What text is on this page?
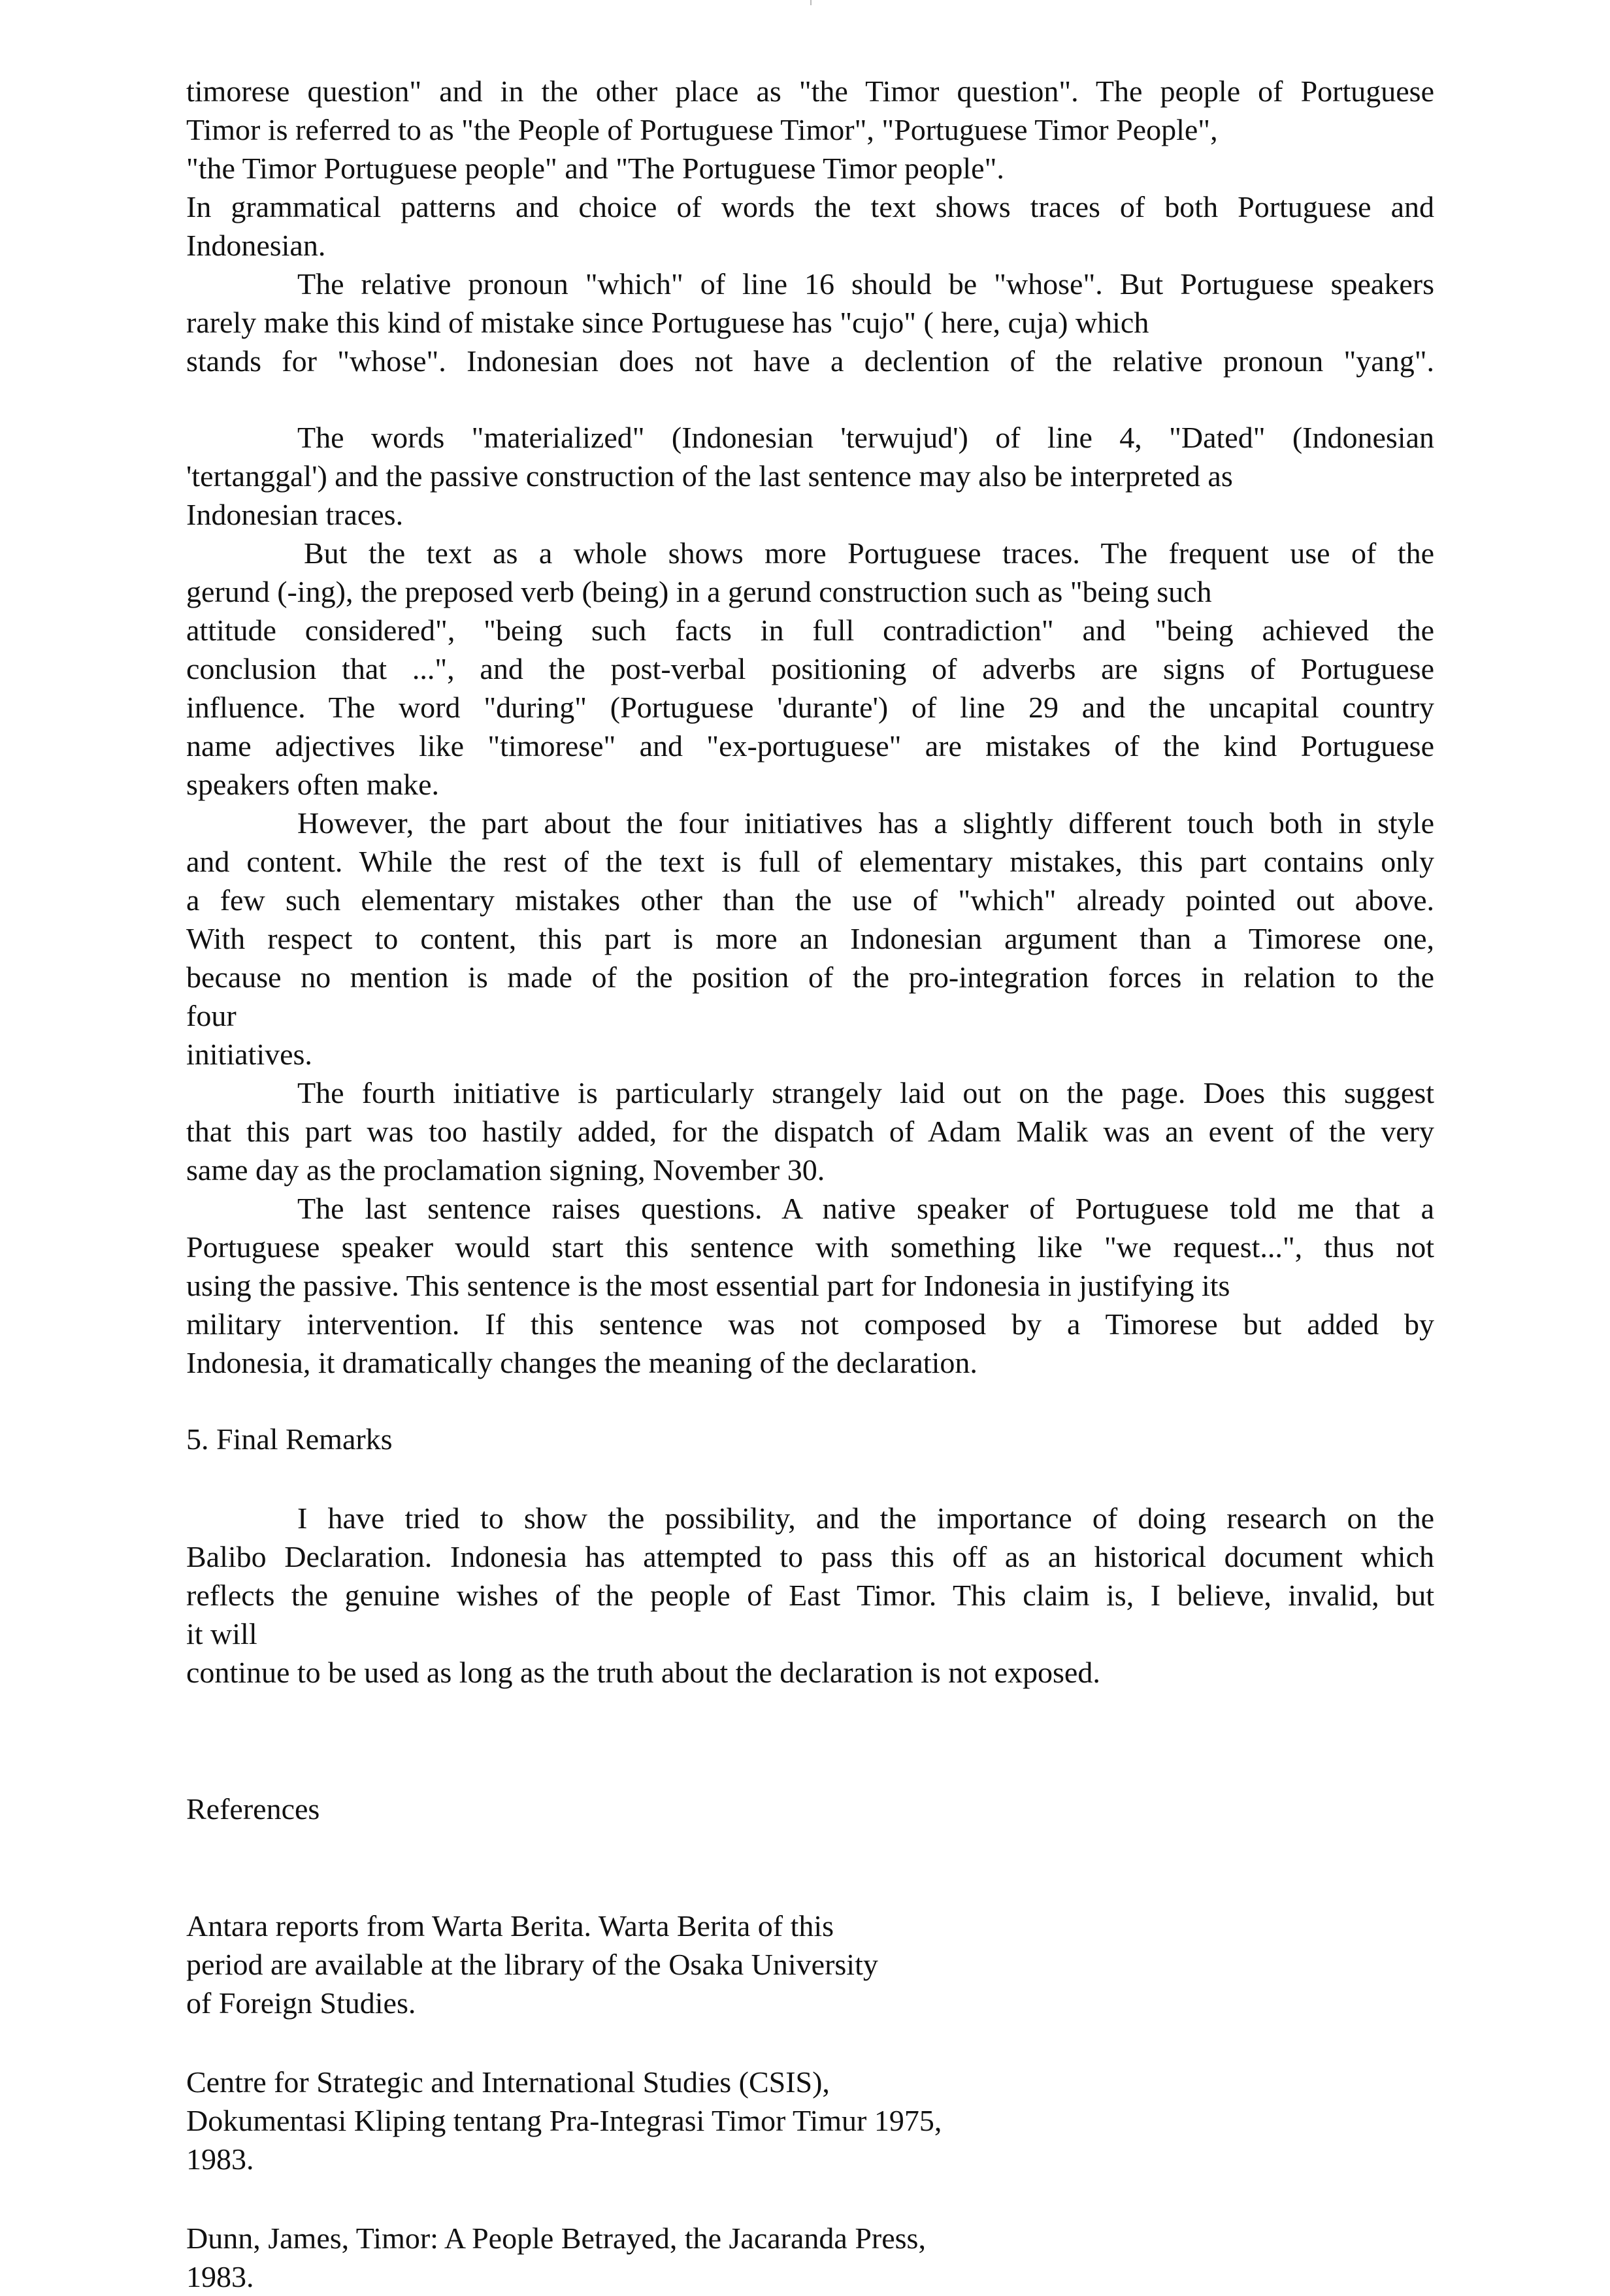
timorese question" and in the other place as "the Timor question". The people of Portuguese
Timor is referred to as "the People of Portuguese Timor", "Portuguese Timor People",
"the Timor Portuguese people" and "The Portuguese Timor people".
In grammatical patterns and choice of words the text shows traces of both Portuguese and
Indonesian.
The relative pronoun "which" of line 16 should be "whose". But Portuguese speakers
rarely make this kind of mistake since Portuguese has "cujo" ( here, cuja) which
stands for "whose". Indonesian does not have a declention of the relative pronoun "yang".
The words "materialized" (Indonesian 'terwujud') of line 4, "Dated" (Indonesian
'tertanggal') and the passive construction of the last sentence may also be interpreted as
Indonesian traces.
But the text as a whole shows more Portuguese traces. The frequent use of the
gerund (-ing), the preposed verb (being) in a gerund construction such as "being such
attitude considered", "being such facts in full contradiction" and "being achieved the
conclusion that ...", and the post-verbal positioning of adverbs are signs of Portuguese
influence. The word "during" (Portuguese 'durante') of line 29 and the uncapital country
name adjectives like "timorese" and "ex-portuguese" are mistakes of the kind Portuguese
speakers often make.
However, the part about the four initiatives has a slightly different touch both in style
and content. While the rest of the text is full of elementary mistakes, this part contains only
a few such elementary mistakes other than the use of "which" already pointed out above.
With respect to content, this part is more an Indonesian argument than a Timorese one,
because no mention is made of the position of the pro-integration forces in relation to the
four
initiatives.
The fourth initiative is particularly strangely laid out on the page. Does this suggest
that this part was too hastily added, for the dispatch of Adam Malik was an event of the very
same day as the proclamation signing, November 30.
The last sentence raises questions. A native speaker of Portuguese told me that a
Portuguese speaker would start this sentence with something like "we request...", thus not
using the passive. This sentence is the most essential part for Indonesia in justifying its
military intervention. If this sentence was not composed by a Timorese but added by
Indonesia, it dramatically changes the meaning of the declaration.

5. Final Remarks

I have tried to show the possibility, and the importance of doing research on the
Balibo Declaration. Indonesia has attempted to pass this off as an historical document which
reflects the genuine wishes of the people of East Timor. This claim is, I believe, invalid, but
it will
continue to be used as long as the truth about the declaration is not exposed.

References

Antara reports from Warta Berita. Warta Berita of this
period are available at the library of the Osaka University
of Foreign Studies.
Centre for Strategic and International Studies (CSIS),
Dokumentasi Kliping tentang Pra-Integrasi Timor Timur 1975,
1983.
Dunn, James, Timor: A People Betrayed, the Jacaranda Press,
1983.
